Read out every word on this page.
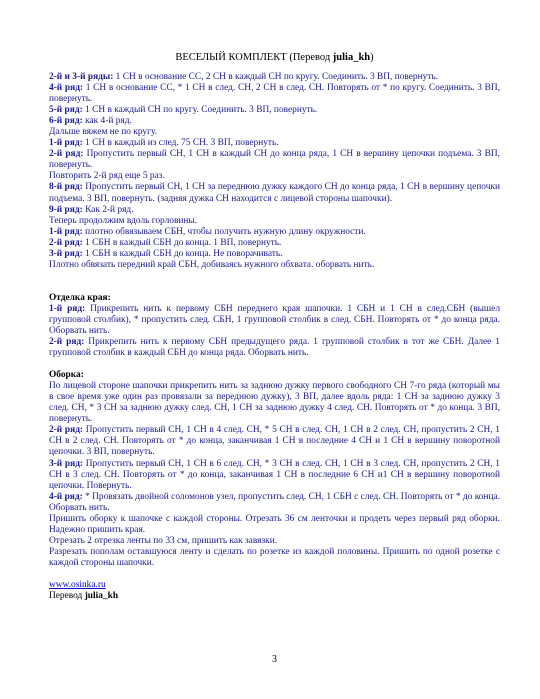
ВЕСЕЛЫЙ КОМПЛЕКТ (Перевод julia_kh)

2-й и 3-й ряды: 1 СН в основание СС, 2 СН в каждый СН по кругу. Соединить. 3 ВП, повернуть.

4-й ряд: 1 СН в основание СС, * 1 СН в след. СН, 2 СН в след. СН. Повторять от * по кругу. Соединить. 3 ВП, повернуть.

5-й ряд: 1 СН в каждый СН по кругу. Соединить. 3 ВП, повернуть.

6-й ряд: как 4-й ряд.

Дальше вяжем не по кругу.

1-й ряд: 1 СН в каждый из след. 75 СН. 3 ВП, повернуть.

2-й ряд: Пропустить первый СН, 1 СН в каждый СН до конца ряда, 1 СН в вершину цепочки подъема. 3 ВП, повернуть.

Повторить 2-й ряд еще 5 раз.

8-й ряд: Пропустить первый СН, 1 СН за переднюю дужку каждого СН до конца ряда, 1 СН в вершину цепочки подъема. 3 ВП, повернуть. (задняя дужка СН находится с лицевой стороны шапочки).

9-й ряд: Как 2-й ряд.

Теперь продолжим вдоль горловины.

1-й ряд: плотно обвязываем СБН, чтобы получить нужную длину окружности.

2-й ряд: 1 СБН в каждый СБН до конца. 1 ВП, повернуть.

3-й ряд: 1 СБН в каждый СБН до конца. Не поворачивать.

Плотно обвязать передний край СБН, добиваясь нужного обхвата. оборвать нить.

Отделка края:

1-й ряд: Прикрепить нить к первому СБН переднего края шапочки. 1 СБН и 1 СН в след.СБН (вышел групповой столбик), * пропустить след. СБН, 1 групповой столбик в след. СБН. Повторять от * до конца ряда. Оборвать нить.

2-й ряд: Прикрепить нить к первому СБН предыдущего ряда. 1 групповой столбик в тот же СБН. Далее 1 групповой столбик в каждый СБН до конца ряда. Оборвать нить.

Оборка:

По лицевой стороне шапочки прикрепить нить за заднюю дужку первого свободного СН 7-го ряда (который мы в свое время уже один раз провязали за переднюю дужку), 3 ВП, далее вдоль ряда: 1 СН за заднюю дужку 3 след. СН, * 3 СН за заднюю дужку след. СН, 1 СН за заднюю дужку 4 след. СН. Повторять от * до конца. 3 ВП, повернуть.

2-й ряд: Пропустить первый СН, 1 СН в 4 след. СН, * 5 СН в след. СН, 1 СН в 2 след. СН, пропустить 2 СН, 1 СН в 2 след. СН. Повторять от * до конца, заканчивая 1 СН в последние 4 СН и 1 СН в вершину поворотной цепочки. 3 ВП, повернуть.

3-й ряд: Пропустить первый СН, 1 СН в 6 след. СН, * 3 СН в след. СН, 1 СН в 3 след. СН, пропустить 2 СН, 1 СН в 3 след. СН. Повторять от * до конца, заканчивая 1 СН в последние 6 СН и1 СН в вершину поворотной цепочки. Повернуть.

4-й ряд: * Провязать двойной соломонов узел, пропустить след. СН, 1 СБН с след. СН. Повторять от * до конца. Оборвать нить.

Пришить оборку к шапочке с каждой стороны. Отрезать 36 см ленточки и продеть через первый ряд оборки. Надежно пришить края.

Отрезать 2 отрезка ленты по 33 см, пришить как завязки.

Разрезать пополам оставшуюся ленту и сделать по розетке из каждой половины. Пришить по одной розетке с каждой стороны шапочки.

www.osinka.ru

Перевод julia_kh

3
